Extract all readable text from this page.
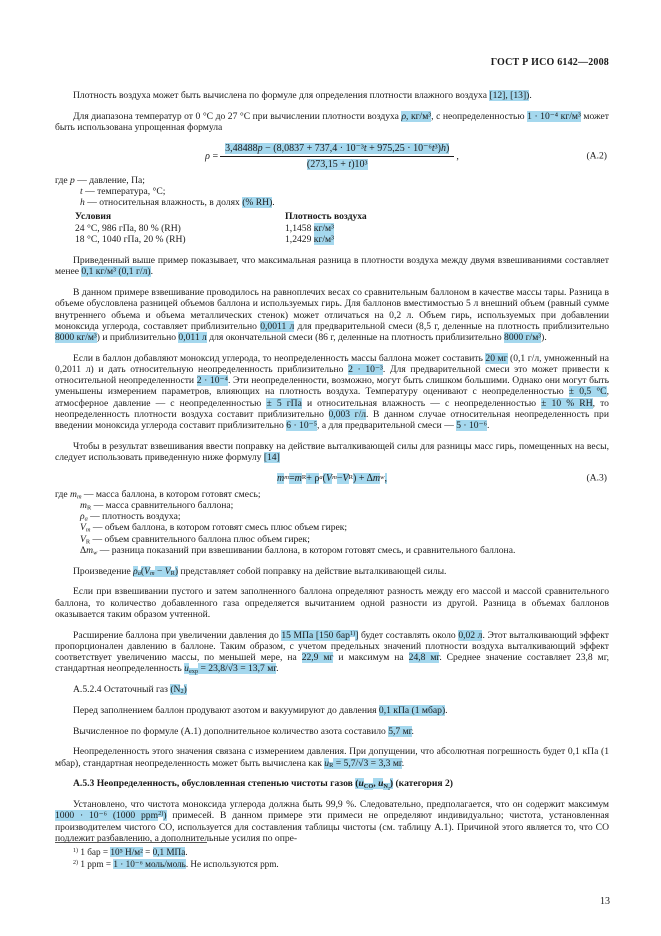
ГОСТ Р ИСО 6142—2008

Плотность воздуха может быть вычислена по формуле для определения плотности влажного воздуха [12], [13]).

Для диапазона температур от 0 °С до 27 °С при вычислении плотности воздуха ρ, кг/м³, с неопределенностью 1 · 10⁻⁴ кг/м³ может быть использована упрощенная формула

$\rho = \frac{\text{3,48488p − (8,0837 + 737,4 · 10⁻³t + 975,25 · 10⁻⁶t³)h)}}{\text{(273,15 + t)10³}}$ ,	(А.2)
где p — давление, Па;
t — температура, °С;
h — относительная влажность, в долях (% RH).
Условия	Плотность воздуха
24 °С, 986 гПа, 80 % (RH)	1,1458 кг/м³
18 °С, 1040 гПа, 20 % (RH)	1,2429 кг/м³

Приведенный выше пример показывает, что максимальная разница в плотности воздуха между двумя взвешиваниями составляет менее 0,1 кг/м³ (0,1 г/л).

В данном примере взвешивание проводилось на равноплечих весах со сравнительным баллоном в качестве массы тары. Разница в объеме обусловлена разницей объемов баллона и используемых гирь. Для баллонов вместимостью 5 л внешний объем (равный сумме внутреннего объема и объема металлических стенок) может отличаться на 0,2 л. Объем гирь, используемых при добавлении моноксида углерода, составляет приблизительно 0,0011 л для предварительной смеси (8,5 г, деленные на плотность приблизительно 8000 кг/м³) и приблизительно 0,011 л для окончательной смеси (86 г, деленные на плотность приблизительно 8000 г/м³).

Если в баллон добавляют моноксид углерода, то неопределенность массы баллона может составить 20 мг (0,1 г/л, умноженный на 0,2011 л) и дать относительную неопределенность приблизительно 2 · 10⁻³. Для предварительной смеси это может привести к относительной неопределенности 2 · 10⁻⁴. Эти неопределенности, возможно, могут быть слишком большими. Однако они могут быть уменьшены измерением параметров, влияющих на плотность воздуха. Температуру оценивают с неопределенностью ± 0,5 °С, атмосферное давление — с неопределенностью ± 5 гПа и относительная влажность — с неопределенностью ± 10 % RH, то неопределенность плотности воздуха составит приблизительно 0,003 г/л. В данном случае относительная неопределенность при введении моноксида углерода составит приблизительно 6 · 10⁻⁵, а для предварительной смеси — 5 · 10⁻⁶.

Чтобы в результат взвешивания ввести поправку на действие выталкивающей силы для разницы масс гирь, помещенных на весы, следует использовать приведенную ниже формулу [14]

m m = m R + ρ a ( V m − V R ) + Δ m w ,	(А.3)
где $m_m$ — масса баллона, в котором готовят смесь;
$m_R$ — масса сравнительного баллона;
$\rho_a$ — плотность воздуха;
$V_m$ — объем баллона, в котором готовят смесь плюс объем гирек;
$V_R$ — объем сравнительного баллона плюс объем гирек;
$\Delta m_w$ — разница показаний при взвешивании баллона, в котором готовят смесь, и сравнительного баллона.

Произведение $\rho_a(V_m - V_R)$ представляет собой поправку на действие выталкивающей силы.

Если при взвешивании пустого и затем заполненного баллона определяют разность между его массой и массой сравнительного баллона, то количество добавленного газа определяется вычитанием одной разности из другой. Разница в объемах баллонов оказывается таким образом учтенной.

Расширение баллона при увеличении давления до 15 МПа [150 бар$^{1)}$] будет составлять около 0,02 л. Этот выталкивающий эффект пропорционален давлению в баллоне. Таким образом, с учетом предельных значений плотности воздуха выталкивающий эффект соответствует увеличению массы, по меньшей мере, на 22,9 мг и максимум на 24,8 мг. Среднее значение составляет 23,8 мг, стандартная неопределенность $u_{exp} = 23,8/√3 = 13,7$ мг.

А.5.2.4 Остаточный газ $(N_2)$

Перед заполнением баллон продувают азотом и вакуумируют до давления 0,1 кПа (1 мбар).

Вычисленное по формуле (А.1) дополнительное количество азота составило 5,7 мг.

Неопределенность этого значения связана с измерением давления. При допущении, что абсолютная погрешность будет 0,1 кПа (1 мбар), стандартная неопределенность может быть вычислена как $u_R = 5,7/√3 = 3,3$ мг.

А.5.3 Неопределенность, обусловленная степенью чистоты газов ($u_{CO}$, $u_{N_2}$) (категория 2)

Установлено, что чистота моноксида углерода должна быть 99,9 %. Следовательно, предполагается, что он содержит максимум 1000 · 10⁻⁶ (1000 ppm$^{2)}$) примесей. В данном примере эти примеси не определяют индивидуально; чистота, установленная производителем чистого СО, используется для составления таблицы чистоты (см. таблицу А.1). Причиной этого является то, что СО подлежит разбавлению, а дополнительные усилия по опре-

$^{1)}$ 1 бар = 10⁵ Н/м² = 0,1 МПа.
$^{2)}$ 1 ppm = 1 · 10⁻⁶ моль/моль. Не используются ppm.
13
